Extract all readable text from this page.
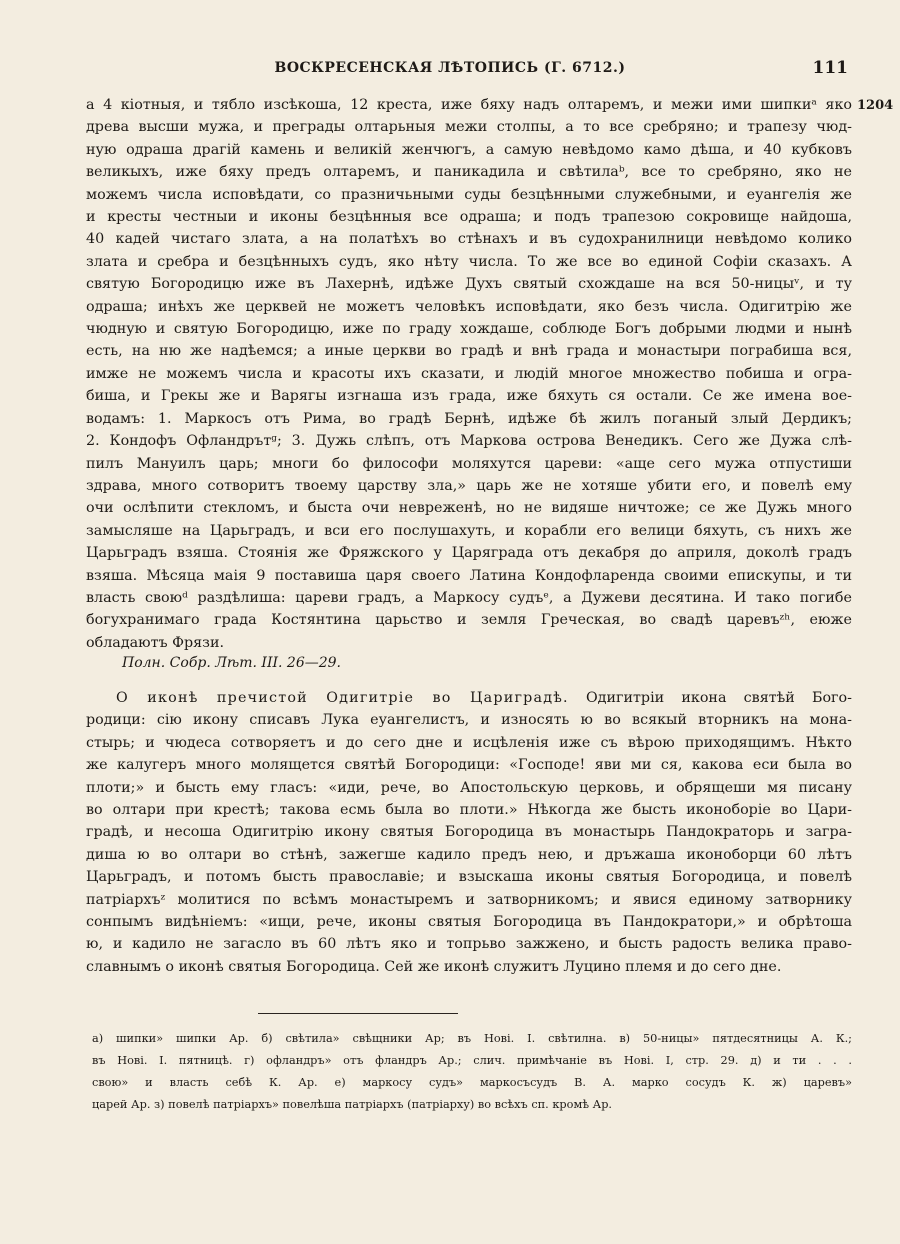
ВОСКРЕСЕНСКАЯ ЛѢТОПИСЬ (Г. 6712.)	111
1204
а 4 кіотныя, и тябло изсѣкоша, 12 креста, иже бяху надъ олтаремъ, и межи ими шипкиᵃ яко
древа высши мужа, и преграды олтарьныя межи столпы, а то все сребряно; и трапезу чюд-
ную одраша драгій камень и великій женчюгъ, а самую невѣдомо камо дѣша, и 40 кубковъ
великыхъ, иже бяху предъ олтаремъ, и паникадила и свѣтилаᵇ, все то сребряно, яко не
можемъ числа исповѣдати, со празничьными суды безцѣнными служебными, и еуангелія же
и кресты честныи и иконы безцѣнныя все одраша; и подъ трапезою сокровище найдоша,
40 кадей чистаго злата, а на полатѣхъ во стѣнахъ и въ судохранилници невѣдомо колико
злата и сребра и безцѣнныхъ судъ, яко нѣту числа. То же все во единой Софіи сказахъ. А
святую Богородицю иже въ Лахернѣ, идѣже Духъ святый схождаше на вся 50-ницыᵛ, и ту
одраша; инѣхъ же церквей не можетъ человѣкъ исповѣдати, яко безъ числа. Одигитрію же
чюдную и святую Богородицю, иже по граду хождаше, соблюде Богъ добрыми людми и нынѣ
есть, на ню же надѣемся; а иные церкви во градѣ и внѣ града и монастыри пограбиша вся,
имже не можемъ числа и красоты ихъ сказати, и людій многое множество побиша и огра-
биша, и Грекы же и Варягы изгнаша изъ града, иже бяхуть ся остали. Се же имена вое-
водамъ: 1. Маркосъ отъ Рима, во градѣ Бернѣ, идѣже бѣ жилъ поганый злый Дердикъ;
2. Кондофъ Офландрътᵍ; 3. Дужь слѣпъ, отъ Маркова острова Венедикъ. Сего же Дужа слѣ-
пилъ Мануилъ царь; многи бо философи моляхутся цареви: «аще сего мужа отпустиши
здрава, много сотворитъ твоему царству зла,» царь же не хотяше убити его, и повелѣ ему
очи ослѣпити стекломъ, и быста очи невреженѣ, но не видяше ничтоже; се же Дужь много
замысляше на Царьградъ, и вси его послушахуть, и корабли его велици бяхуть, съ нихъ же
Царьградъ взяша. Стоянія же Фряжского у Царяграда отъ декабря до априля, доколѣ градъ
взяша. Мѣсяца маія 9 поставиша царя своего Латина Кондофларенда своими епискупы, и ти
власть своюᵈ раздѣлиша: цареви градъ, а Маркосу судъᵉ, а Дужеви десятина. И тако погибе
богухранимаго града Костянтина царьство и земля Греческая, во свадѣ царевъᶻʰ, еюже
обладаютъ Фрязи.
Полн. Собр. Лѣт. III. 26—29.
О иконѣ пречистой Одигитріе во Цариградѣ. Одигитріи икона святѣй Бого-
родици: сію икону списавъ Лука еуангелистъ, и износять ю во всякый вторникъ на мона-
стырь; и чюдеса сотворяетъ и до сего дне и исцѣленія иже съ вѣрою приходящимъ. Нѣкто
же калугеръ много молящется святѣй Богородици: «Господе! яви ми ся, какова еси была во
плоти;» и бысть ему гласъ: «иди, рече, во Апостольскую церковь, и обрящеши мя писану
во олтари при крестѣ; такова есмь была во плоти.» Нѣкогда же бысть иконоборіе во Цари-
градѣ, и несоша Одигитрію икону святыя Богородица въ монастырь Пандократорь и загра-
диша ю во олтари во стѣнѣ, зажегше кадило предъ нею, и дръжаша иконоборци 60 лѣтъ
Царьградъ, и потомъ бысть православіе; и взыскаша иконы святыя Богородица, и повелѣ
патріархъᶻ молитися по всѣмъ монастыремъ и затворникомъ; и явися единому затворнику
сонпымъ видѣніемъ: «ищи, рече, иконы святыя Богородица въ Пандократори,» и обрѣтоша
ю, и кадило не загасло въ 60 лѣтъ яко и топрьво зажжено, и бысть радость велика право-
славнымъ о иконѣ святыя Богородица. Сей же иконѣ служитъ Луцино племя и до сего дне.
а) шипки» шипки Ар. б) свѣтила» свѣщники Ар; въ Нові. I. свѣтилна. в) 50-ницы» пятдесятницы А. К.;
въ Нові. I. пятницѣ. г) офландръ» отъ фландръ Ар.; слич. примѣчаніе въ Нові. I, стр. 29. д) и ти . . .
свою» и власть себѣ К. Ар. е) маркосу судъ» маркосъсудъ В. А. марко сосудъ К. ж) царевъ»
царей Ар. з) повелѣ патріархъ» повелѣша патріархъ (патріарху) во всѣхъ сп. кромѣ Ар.
